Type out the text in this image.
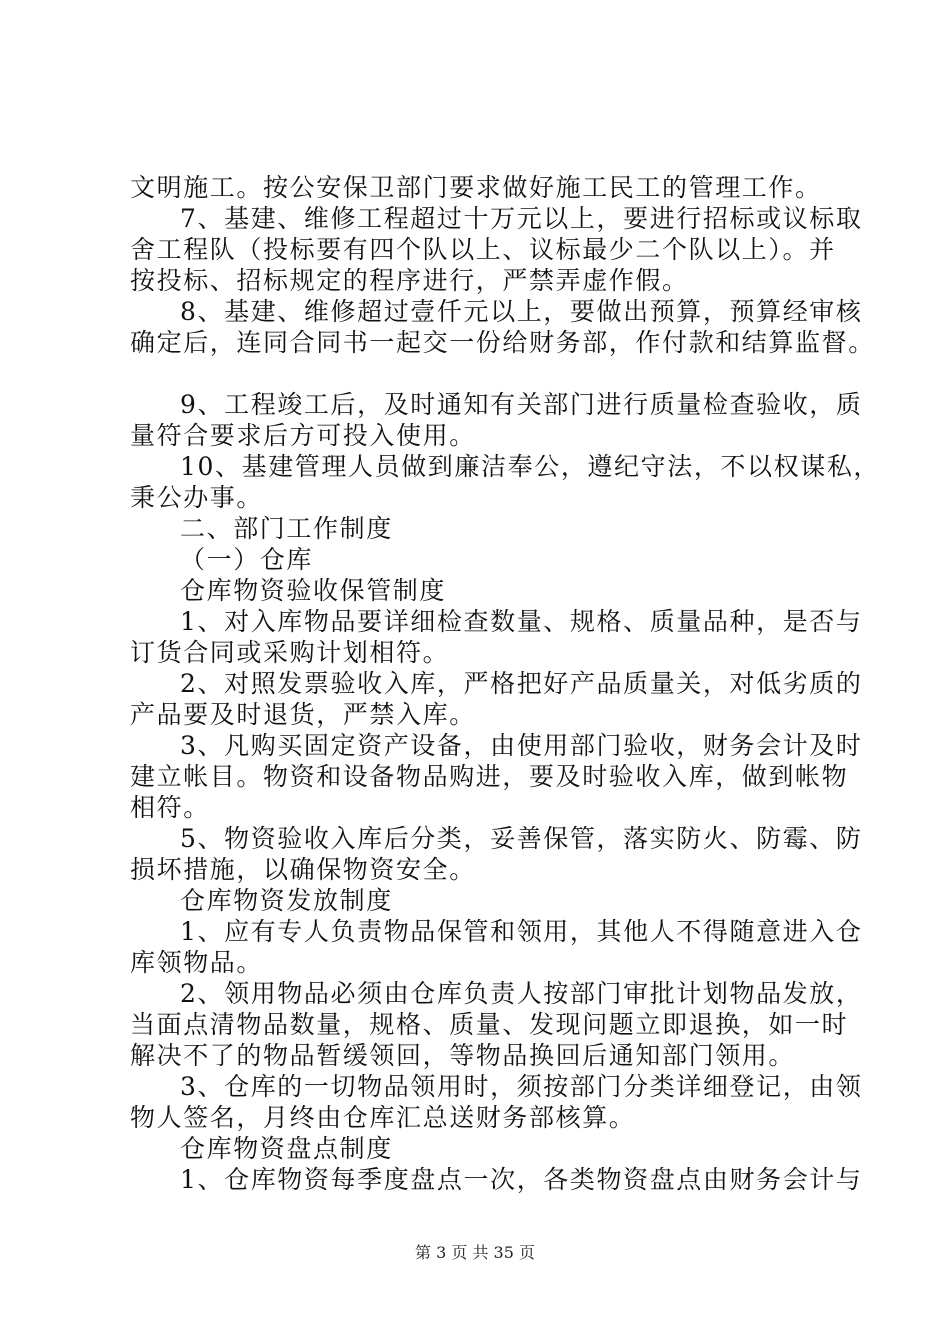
文明施工。按公安保卫部门要求做好施工民工的管理工作。
7、基建、维修工程超过十万元以上，要进行招标或议标取
舍工程队（投标要有四个队以上、议标最少二个队以上）。并
按投标、招标规定的程序进行，严禁弄虚作假。
8、基建、维修超过壹仟元以上，要做出预算，预算经审核
确定后，连同合同书一起交一份给财务部，作付款和结算监督。
9、工程竣工后，及时通知有关部门进行质量检查验收，质
量符合要求后方可投入使用。
10、基建管理人员做到廉洁奉公，遵纪守法，不以权谋私，
秉公办事。
二、部门工作制度
（一）仓库
仓库物资验收保管制度
1、对入库物品要详细检查数量、规格、质量品种，是否与
订货合同或采购计划相符。
2、对照发票验收入库，严格把好产品质量关，对低劣质的
产品要及时退货，严禁入库。
3、凡购买固定资产设备，由使用部门验收，财务会计及时
建立帐目。物资和设备物品购进，要及时验收入库，做到帐物
相符。
5、物资验收入库后分类，妥善保管，落实防火、防霉、防
损坏措施，以确保物资安全。
仓库物资发放制度
1、应有专人负责物品保管和领用，其他人不得随意进入仓
库领物品。
2、领用物品必须由仓库负责人按部门审批计划物品发放，
当面点清物品数量，规格、质量、发现问题立即退换，如一时
解决不了的物品暂缓领回，等物品换回后通知部门领用。
3、仓库的一切物品领用时，须按部门分类详细登记，由领
物人签名，月终由仓库汇总送财务部核算。
仓库物资盘点制度
1、仓库物资每季度盘点一次，各类物资盘点由财务会计与
第 3 页 共 35 页
